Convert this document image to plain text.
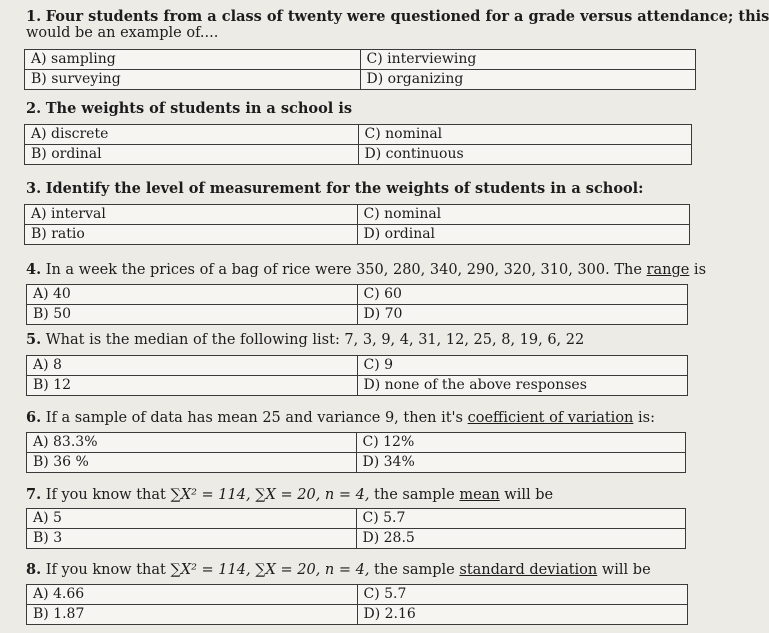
1. Four students from a class of twenty were questioned for a grade versus attendance; this
would be an example of....
A) sampling	C) interviewing
B) surveying	D) organizing
2. The weights of students in a school is
A) discrete	C) nominal
B) ordinal	D) continuous
3. Identify the level of measurement for the weights of students in a school:
A) interval	C) nominal
B) ratio	D) ordinal
4. In a week the prices of a bag of rice were 350, 280, 340, 290, 320, 310, 300. The range is
A) 40	C) 60
B) 50	D) 70
5. What is the median of the following list: 7, 3, 9, 4, 31, 12, 25, 8, 19, 6, 22
A) 8	C) 9
B) 12	D) none of the above responses
6. If a sample of data has mean 25 and variance 9, then it's coefficient of variation is:
A) 83.3%	C) 12%
B) 36 %	D) 34%
7. If you know that ∑X² = 114, ∑X = 20, n = 4, the sample mean will be
A) 5	C) 5.7
B) 3	D) 28.5
8. If you know that ∑X² = 114, ∑X = 20, n = 4, the sample standard deviation will be
A) 4.66	C) 5.7
B) 1.87	D) 2.16
